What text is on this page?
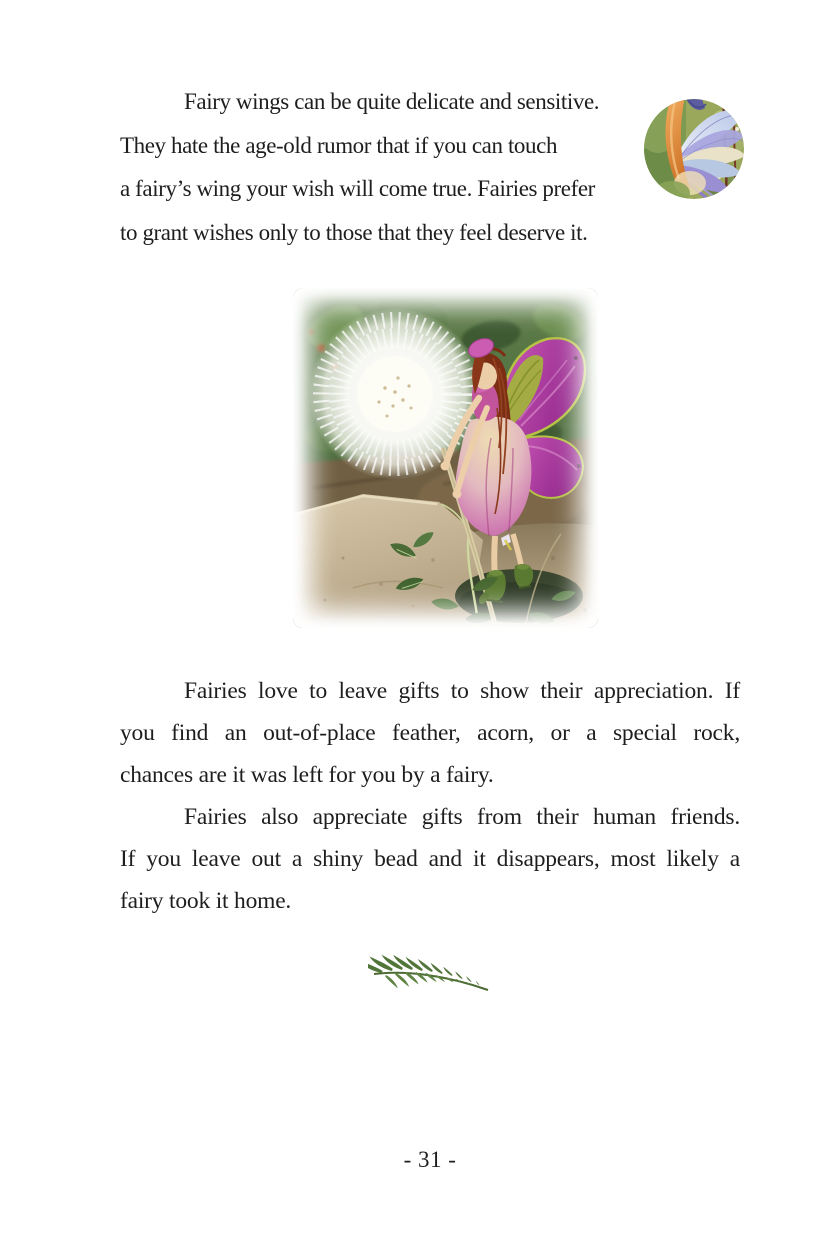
Fairy wings can be quite delicate and sensitive.
They hate the age-old rumor that if you can touch
a fairy’s wing your wish will come true. Fairies prefer
to grant wishes only to those that they feel deserve it.
Fairies love to leave gifts to show their appreciation. If
you find an out-of-place feather, acorn, or a special rock,
chances are it was left for you by a fairy.
Fairies also appreciate gifts from their human friends.
If you leave out a shiny bead and it disappears, most likely a
fairy took it home.
- 31 -
